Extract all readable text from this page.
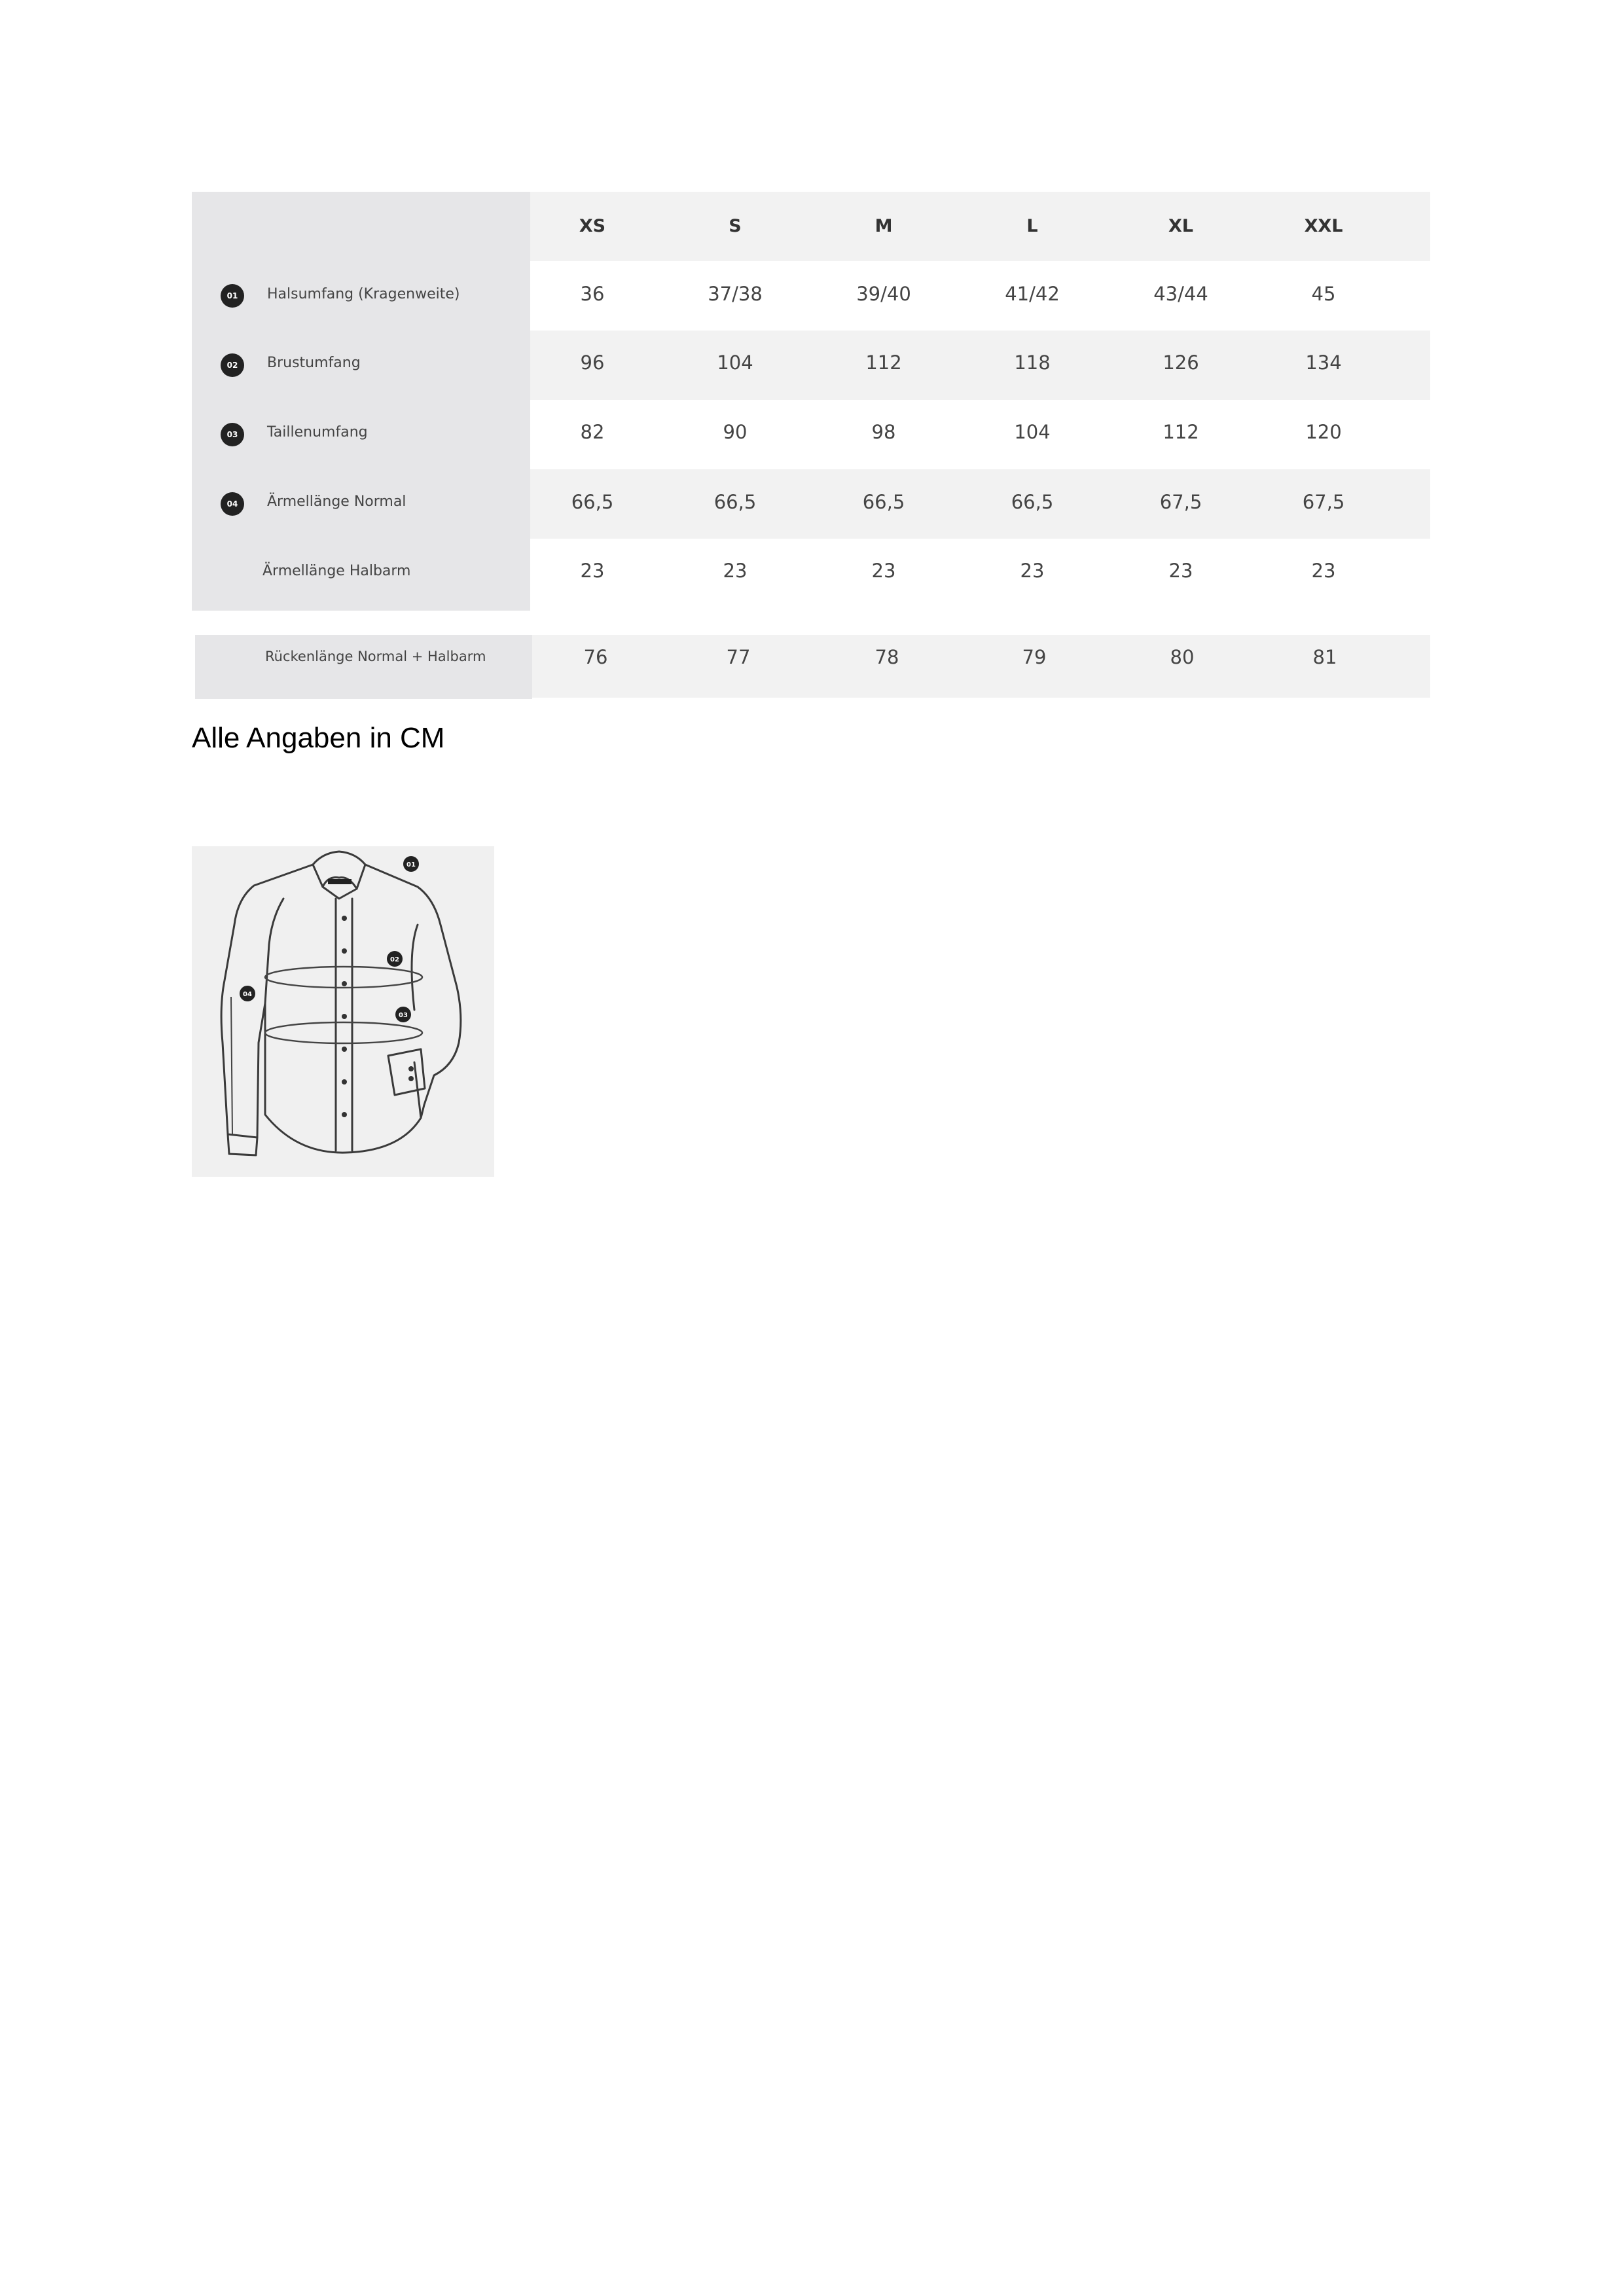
XS	S	M	L	XL	XXL
01	Halsumfang (Kragenweite)	36	37/38	39/40	41/42	43/44	45
02	Brustumfang	96	104	112	118	126	134
03	Taillenumfang	82	90	98	104	112	120
04	Ärmellänge Normal	66,5	66,5	66,5	66,5	67,5	67,5
Ärmellänge Halbarm	23	23	23	23	23	23
Rückenlänge Normal + Halbarm	76	77	78	79	80	81
Alle Angaben in CM
01
02
03
04
